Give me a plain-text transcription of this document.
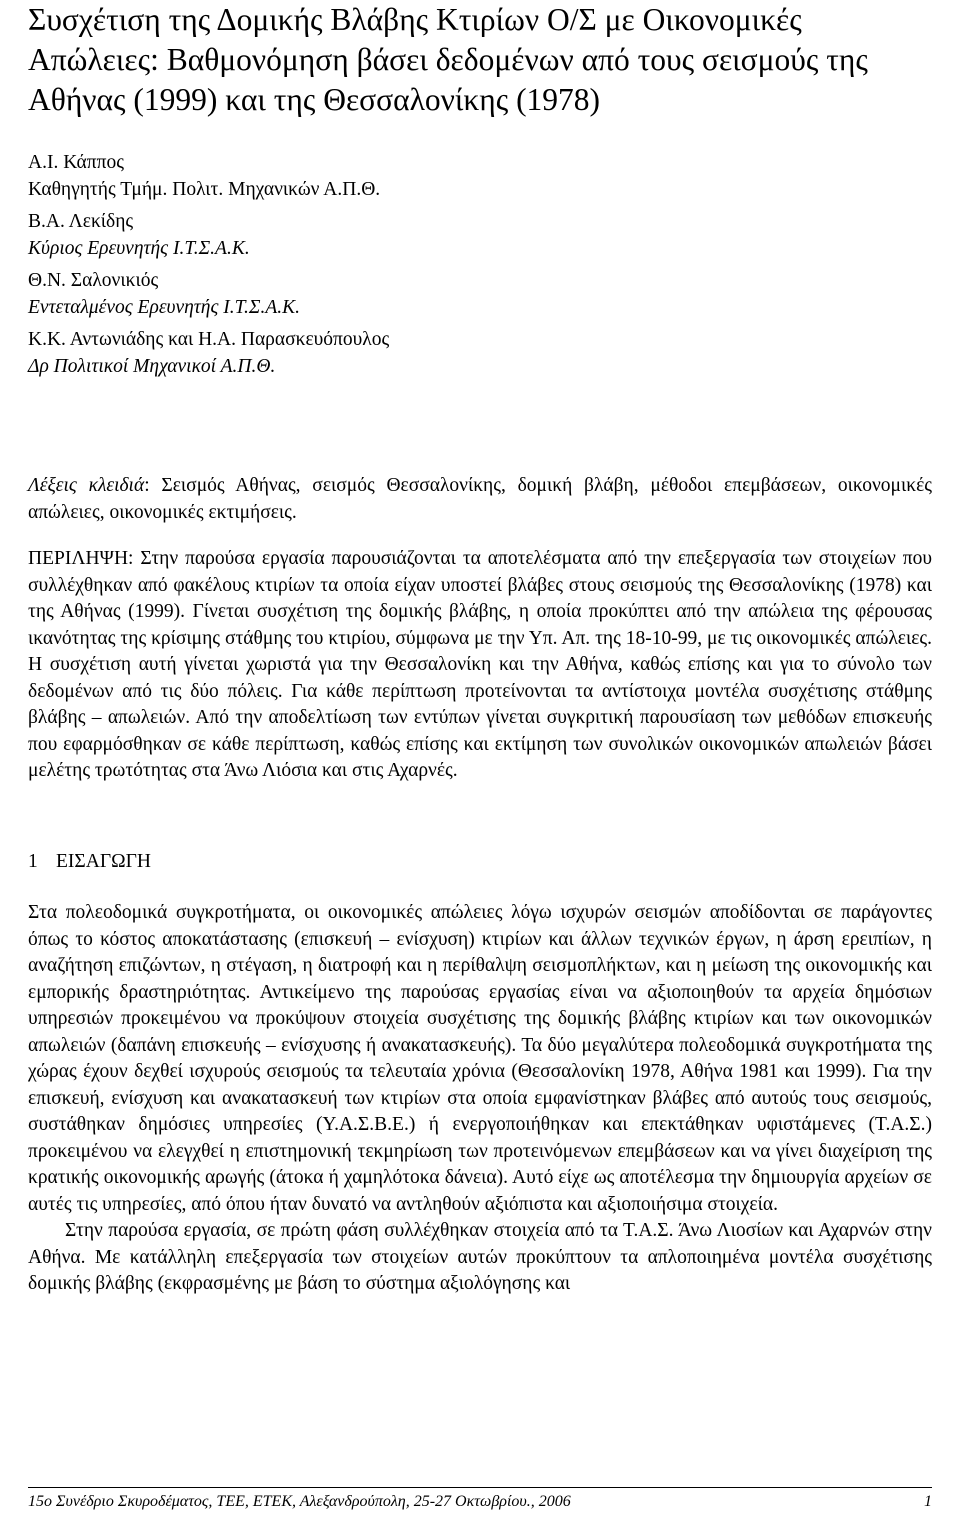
Συσχέτιση της Δομικής Βλάβης Κτιρίων Ο/Σ με Οικονομικές Απώλειες: Βαθμονόμηση βάσει δεδομένων από τους σεισμούς της Αθήνας (1999) και της Θεσσαλονίκης (1978)
Α.Ι. Κάππος
Καθηγητής Τμήμ. Πολιτ. Μηχανικών Α.Π.Θ.
Β.Α. Λεκίδης
Κύριος Ερευνητής Ι.Τ.Σ.Α.Κ.
Θ.Ν. Σαλονικιός
Εντεταλμένος Ερευνητής Ι.Τ.Σ.Α.Κ.
Κ.Κ. Αντωνιάδης και Η.Α. Παρασκευόπουλος
Δρ Πολιτικοί Μηχανικοί Α.Π.Θ.
Λέξεις κλειδιά: Σεισμός Αθήνας, σεισμός Θεσσαλονίκης, δομική βλάβη, μέθοδοι επεμβάσεων, οικονομικές απώλειες, οικονομικές εκτιμήσεις.
ΠΕΡΙΛΗΨΗ: Στην παρούσα εργασία παρουσιάζονται τα αποτελέσματα από την επεξεργασία των στοιχείων που συλλέχθηκαν από φακέλους κτιρίων τα οποία είχαν υποστεί βλάβες στους σεισμούς της Θεσσαλονίκης (1978) και της Αθήνας (1999). Γίνεται συσχέτιση της δομικής βλάβης, η οποία προκύπτει από την απώλεια της φέρουσας ικανότητας της κρίσιμης στάθμης του κτιρίου, σύμφωνα με την Υπ. Απ. της 18-10-99, με τις οικονομικές απώλειες. Η συσχέτιση αυτή γίνεται χωριστά για την Θεσσαλονίκη και την Αθήνα, καθώς επίσης και για το σύνολο των δεδομένων από τις δύο πόλεις. Για κάθε περίπτωση προτείνονται τα αντίστοιχα μοντέλα συσχέτισης στάθμης βλάβης – απωλειών. Από την αποδελτίωση των εντύπων γίνεται συγκριτική παρουσίαση των μεθόδων επισκευής που εφαρμόσθηκαν σε κάθε περίπτωση, καθώς επίσης και εκτίμηση των συνολικών οικονομικών απωλειών βάσει μελέτης τρωτότητας στα Άνω Λιόσια και στις Αχαρνές.
1 ΕΙΣΑΓΩΓΗ

Στα πολεοδομικά συγκροτήματα, οι οικονομικές απώλειες λόγω ισχυρών σεισμών αποδίδονται σε παράγοντες όπως το κόστος αποκατάστασης (επισκευή – ενίσχυση) κτιρίων και άλλων τεχνικών έργων, η άρση ερειπίων, η αναζήτηση επιζώντων, η στέγαση, η διατροφή και η περίθαλψη σεισμοπλήκτων, και η μείωση της οικονομικής και εμπορικής δραστηριότητας. Αντικείμενο της παρούσας εργασίας είναι να αξιοποιηθούν τα αρχεία δημόσιων υπηρεσιών προκειμένου να προκύψουν στοιχεία συσχέτισης της δομικής βλάβης κτιρίων και των οικονομικών απωλειών (δαπάνη επισκευής – ενίσχυσης ή ανακατασκευής). Τα δύο μεγαλύτερα πολεοδομικά συγκροτήματα της χώρας έχουν δεχθεί ισχυρούς σεισμούς τα τελευταία χρόνια (Θεσσαλονίκη 1978, Αθήνα 1981 και 1999). Για την επισκευή, ενίσχυση και ανακατασκευή των κτιρίων στα οποία εμφανίστηκαν βλάβες από αυτούς τους σεισμούς, συστάθηκαν δημόσιες υπηρεσίες (Υ.Α.Σ.Β.Ε.) ή ενεργοποιήθηκαν και επεκτάθηκαν υφιστάμενες (Τ.Α.Σ.) προκειμένου να ελεγχθεί η επιστημονική τεκμηρίωση των προτεινόμενων επεμβάσεων και να γίνει διαχείριση της κρατικής οικονομικής αρωγής (άτοκα ή χαμηλότοκα δάνεια). Αυτό είχε ως αποτέλεσμα την δημιουργία αρχείων σε αυτές τις υπηρεσίες, από όπου ήταν δυνατό να αντληθούν αξιόπιστα και αξιοποιήσιμα στοιχεία.

Στην παρούσα εργασία, σε πρώτη φάση συλλέχθηκαν στοιχεία από τα Τ.Α.Σ. Άνω Λιοσίων και Αχαρνών στην Αθήνα. Με κατάλληλη επεξεργασία των στοιχείων αυτών προκύπτουν τα απλοποιημένα μοντέλα συσχέτισης δομικής βλάβης (εκφρασμένης με βάση το σύστημα αξιολόγησης και

15ο Συνέδριο Σκυροδέματος, ΤΕΕ, ΕΤΕΚ, Αλεξανδρούπολη, 25-27 Οκτωβρίου., 2006	1
